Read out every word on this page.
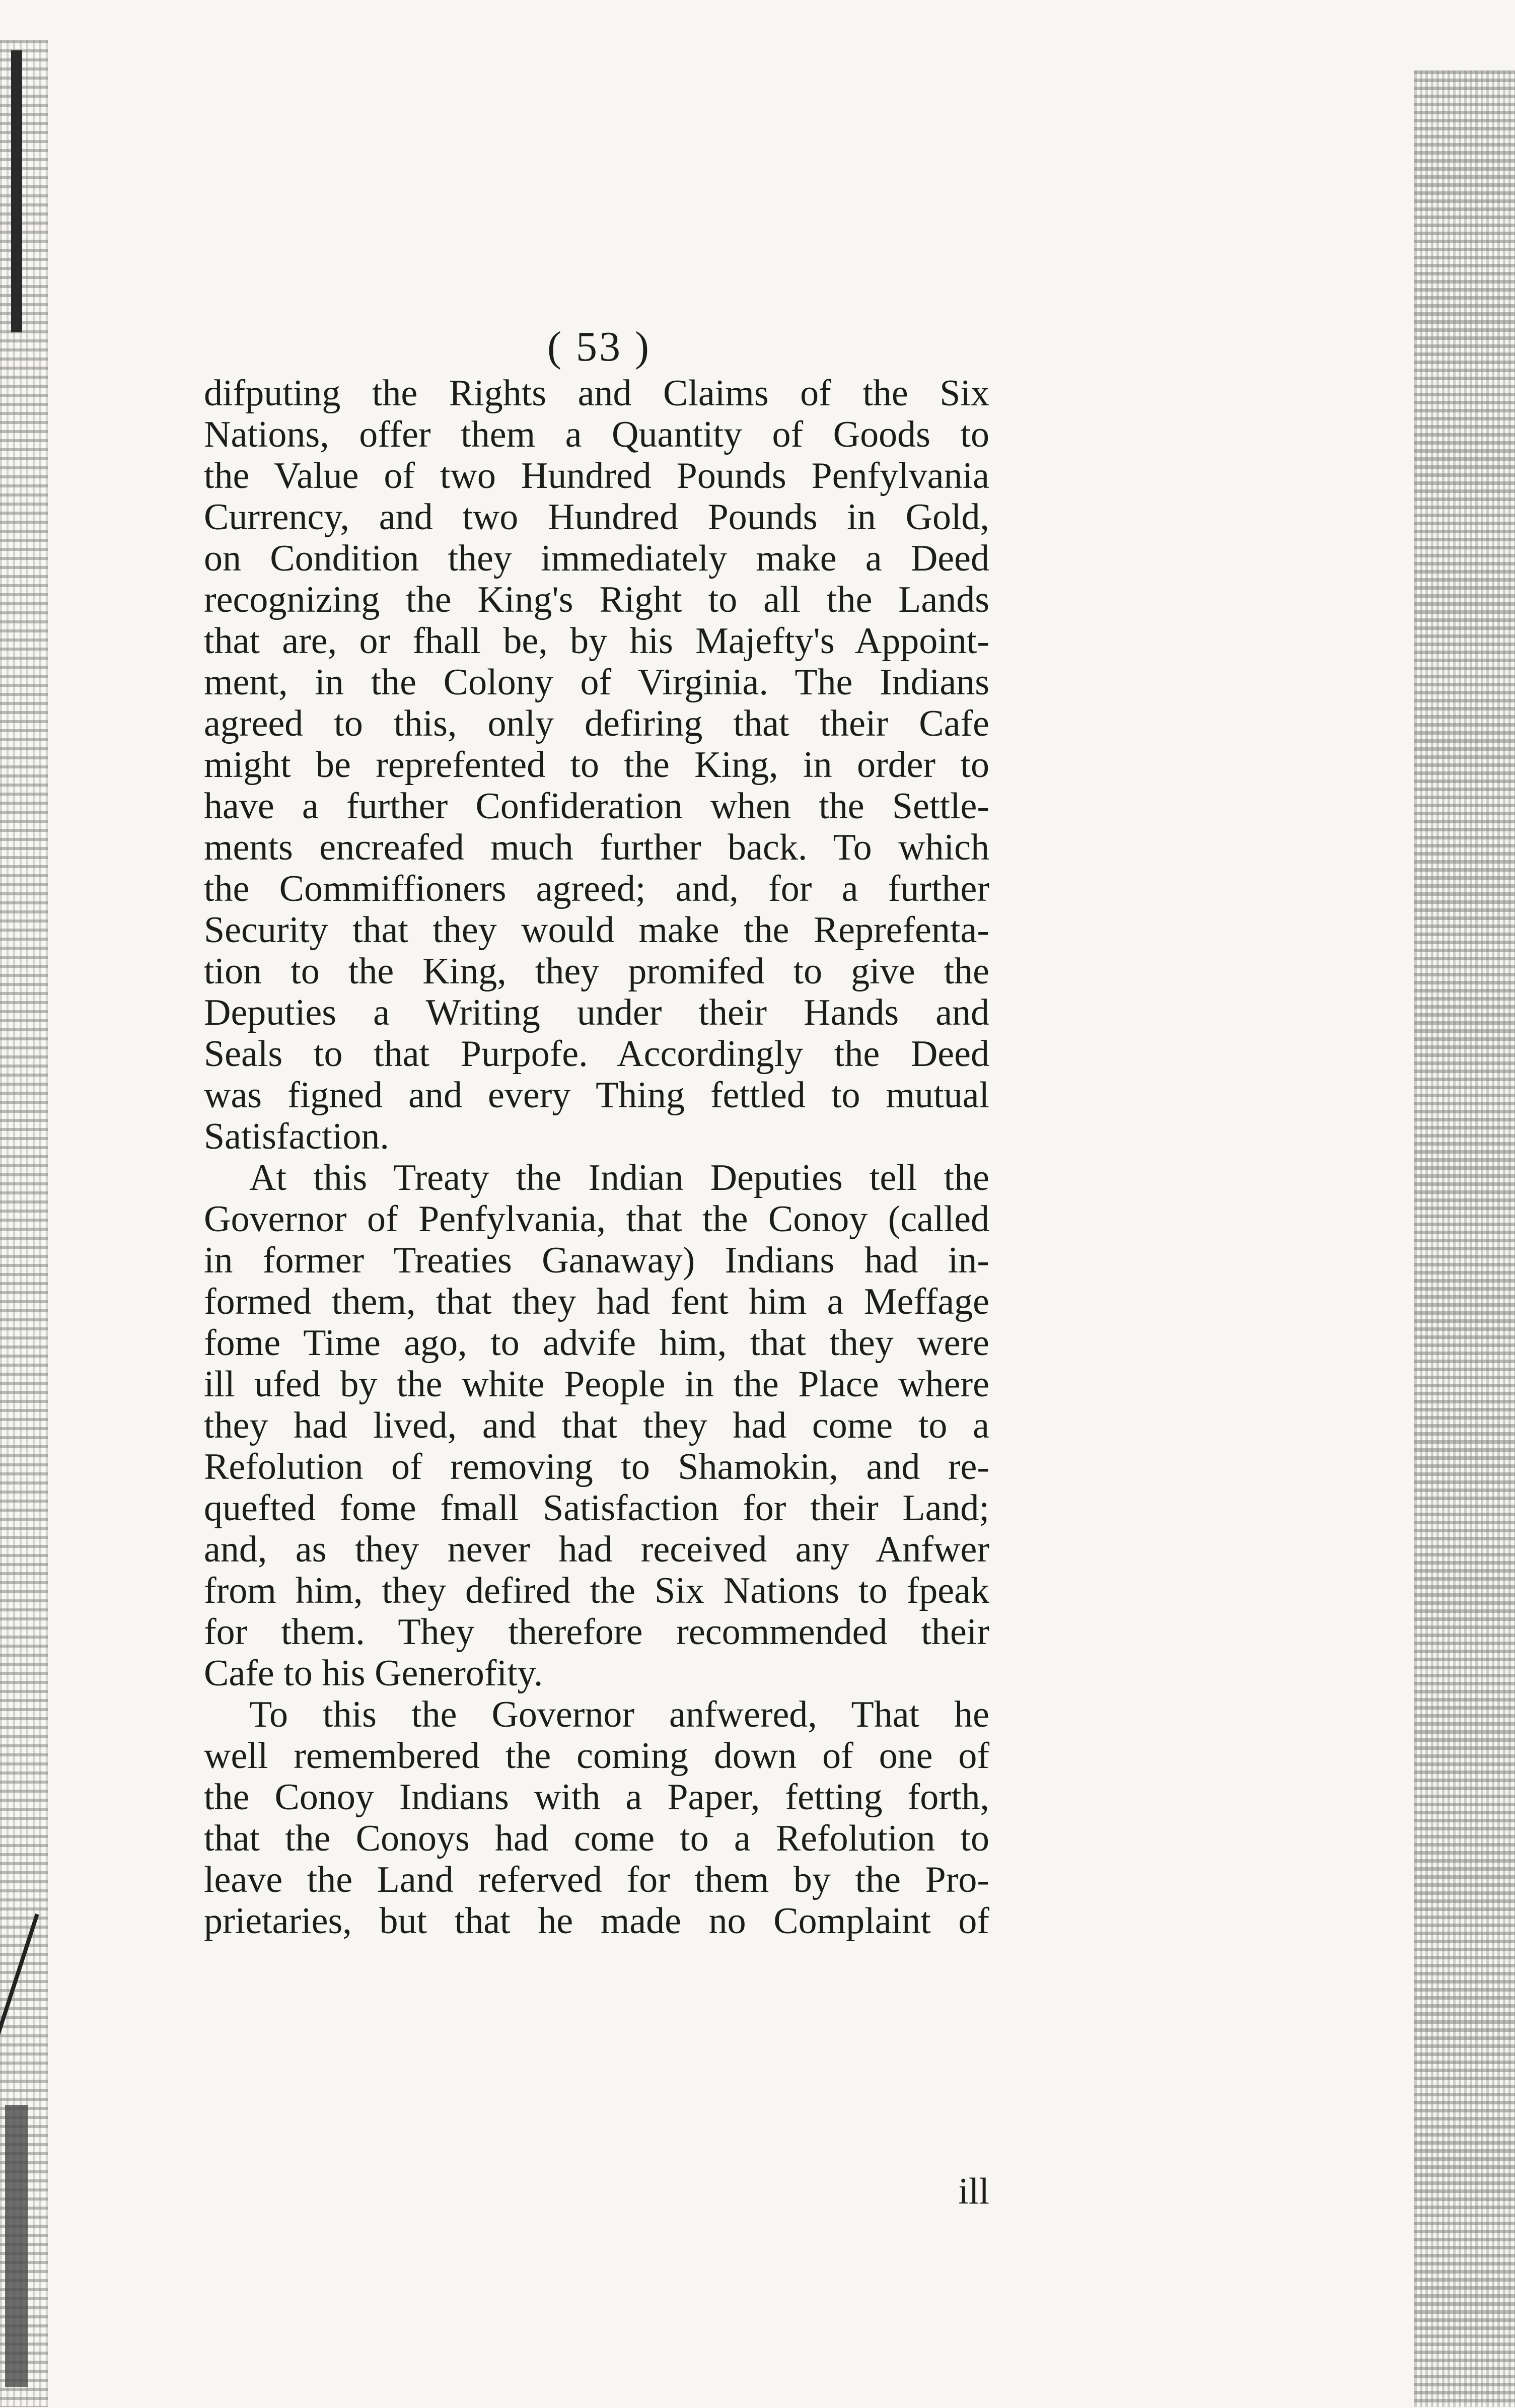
( 53 )
difputing the Rights and Claims of the Six
Nations, offer them a Quantity of Goods to
the Value of two Hundred Pounds Penfylvania
Currency, and two Hundred Pounds in Gold,
on Condition they immediately make a Deed
recognizing the King's Right to all the Lands
that are, or fhall be, by his Majefty's Appoint-
ment, in the Colony of Virginia. The Indians
agreed to this, only defiring that their Cafe
might be reprefented to the King, in order to
have a further Confideration when the Settle-
ments encreafed much further back. To which
the Commiffioners agreed; and, for a further
Security that they would make the Reprefenta-
tion to the King, they promifed to give the
Deputies a Writing under their Hands and
Seals to that Purpofe. Accordingly the Deed
was figned and every Thing fettled to mutual
Satisfaction.
At this Treaty the Indian Deputies tell the
Governor of Penfylvania, that the Conoy (called
in former Treaties Ganaway) Indians had in-
formed them, that they had fent him a Meffage
fome Time ago, to advife him, that they were
ill ufed by the white People in the Place where
they had lived, and that they had come to a
Refolution of removing to Shamokin, and re-
quefted fome fmall Satisfaction for their Land;
and, as they never had received any Anfwer
from him, they defired the Six Nations to fpeak
for them. They therefore recommended their
Cafe to his Generofity.
To this the Governor anfwered, That he
well remembered the coming down of one of
the Conoy Indians with a Paper, fetting forth,
that the Conoys had come to a Refolution to
leave the Land referved for them by the Pro-
prietaries, but that he made no Complaint of
ill
